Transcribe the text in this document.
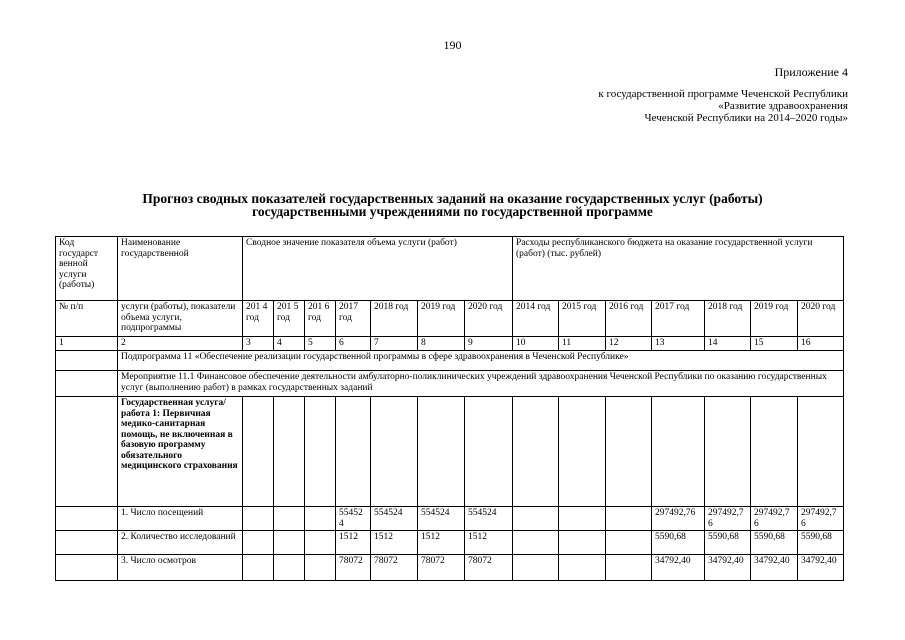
190
Приложение 4
к государственной программе Чеченской Республики
«Развитие здравоохранения
Чеченской Республики на 2014–2020 годы»
Прогноз сводных показателей государственных заданий на оказание государственных услуг (работы)
государственными учреждениями по государственной программе
Код государст венной услуги (работы)	Наименование государственной	Сводное значение показателя объема услуги (работ)							Расходы республиканского бюджета на оказание государственной услуги (работ) (тыс. рублей)						
№ п/п	услуги (работы), показатели объема услуги, подпрограммы	201 4 год	201 5 год	201 6 год	2017 год	2018 год	2019 год	2020 год	2014 год	2015 год	2016 год	2017 год	2018 год	2019 год	2020 год
1	2	3	4	5	6	7	8	9	10	11	12	13	14	15	16
	Подпрограмма 11 «Обеспечение реализации государственной программы в сфере здравоохранения в Чеченской Республике»														
	Мероприятие 11.1 Финансовое обеспечение деятельности амбулаторно-поликлинических учреждений здравоохранения Чеченской Республики по оказанию государственных услуг (выполнению работ) в рамках государственных заданий														
	Государственная услуга/работа 1: Первичная медико-санитарная помощь, не включенная в базовую программу обязательного медицинского страхования														
	1. Число посещений				554524	554524	554524	554524				297492,76	297492,76	297492,76	297492,76
	2. Количество исследований				1512	1512	1512	1512				5590,68	5590,68	5590,68	5590,68
	3. Число осмотров				78072	78072	78072	78072				34792,40	34792,40	34792,40	34792,40
